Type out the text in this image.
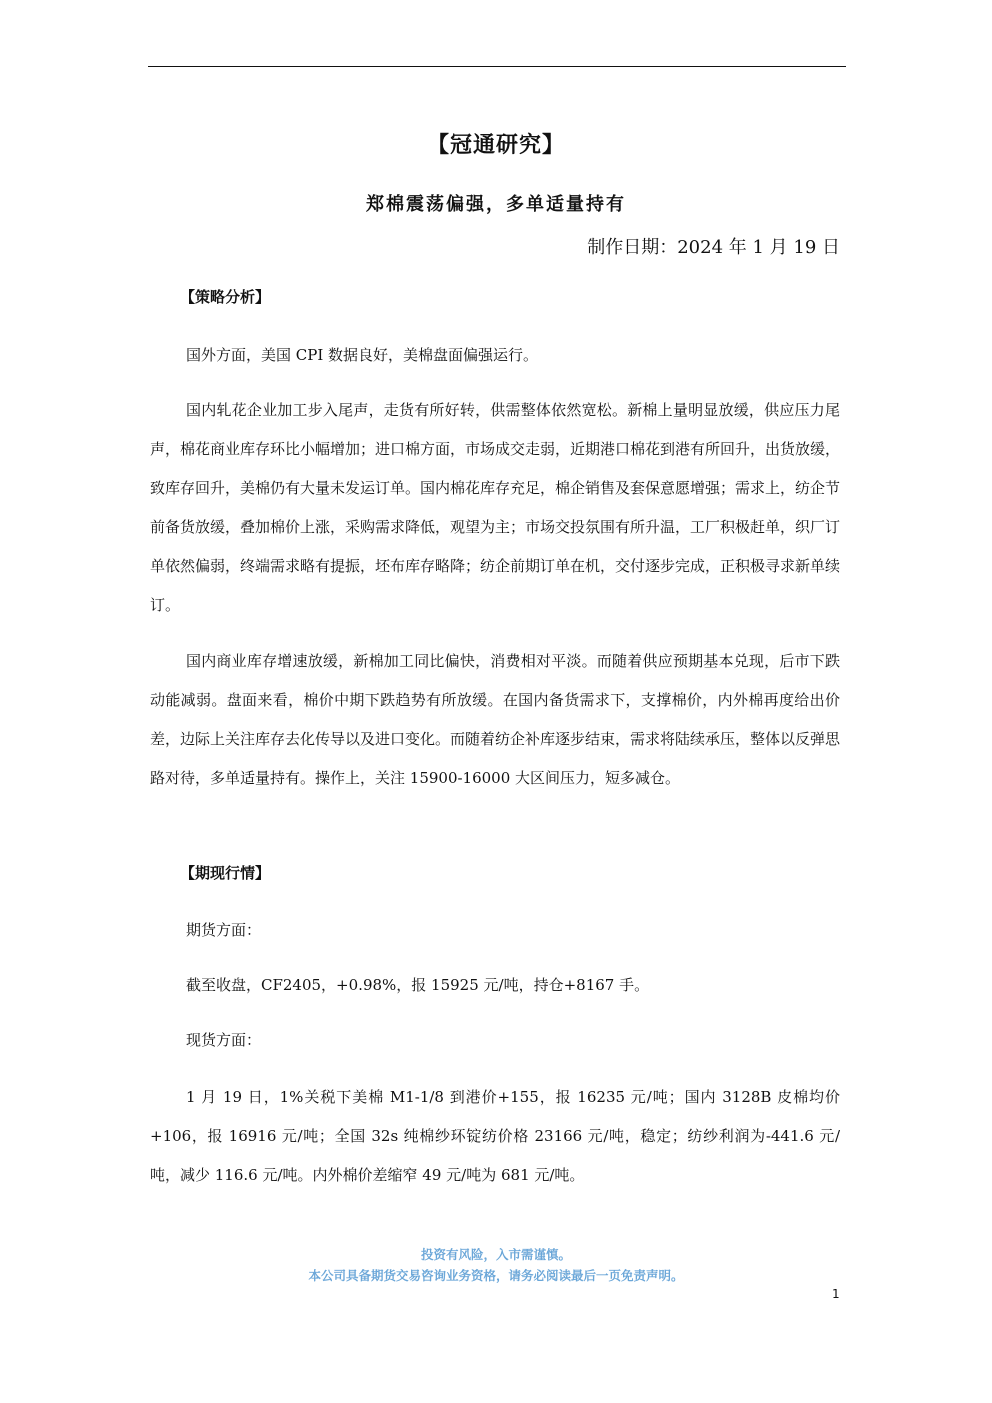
【冠通研究】
郑棉震荡偏强，多单适量持有
制作日期：2024 年 1 月 19 日
【策略分析】

国外方面，美国 CPI 数据良好，美棉盘面偏强运行。

国内轧花企业加工步入尾声，走货有所好转，供需整体依然宽松。新棉上量明显放缓，供应压力尾声，棉花商业库存环比小幅增加；进口棉方面，市场成交走弱，近期港口棉花到港有所回升，出货放缓，致库存回升，美棉仍有大量未发运订单。国内棉花库存充足，棉企销售及套保意愿增强；需求上，纺企节前备货放缓，叠加棉价上涨，采购需求降低，观望为主；市场交投氛围有所升温，工厂积极赶单，织厂订单依然偏弱，终端需求略有提振，坯布库存略降；纺企前期订单在机，交付逐步完成，正积极寻求新单续订。

国内商业库存增速放缓，新棉加工同比偏快，消费相对平淡。而随着供应预期基本兑现，后市下跌动能减弱。盘面来看，棉价中期下跌趋势有所放缓。在国内备货需求下，支撑棉价，内外棉再度给出价差，边际上关注库存去化传导以及进口变化。而随着纺企补库逐步结束，需求将陆续承压，整体以反弹思路对待，多单适量持有。操作上，关注 15900-16000 大区间压力，短多减仓。

【期现行情】

期货方面：

截至收盘，CF2405，+0.98%，报 15925 元/吨，持仓+8167 手。

现货方面：

1 月 19 日，1%关税下美棉 M1-1/8 到港价+155，报 16235 元/吨；国内 3128B 皮棉均价+106，报 16916 元/吨；全国 32s 纯棉纱环锭纺价格 23166 元/吨，稳定；纺纱利润为-441.6 元/吨，减少 116.6 元/吨。内外棉价差缩窄 49 元/吨为 681 元/吨。

投资有风险，入市需谨慎。
本公司具备期货交易咨询业务资格，请务必阅读最后一页免责声明。
1
